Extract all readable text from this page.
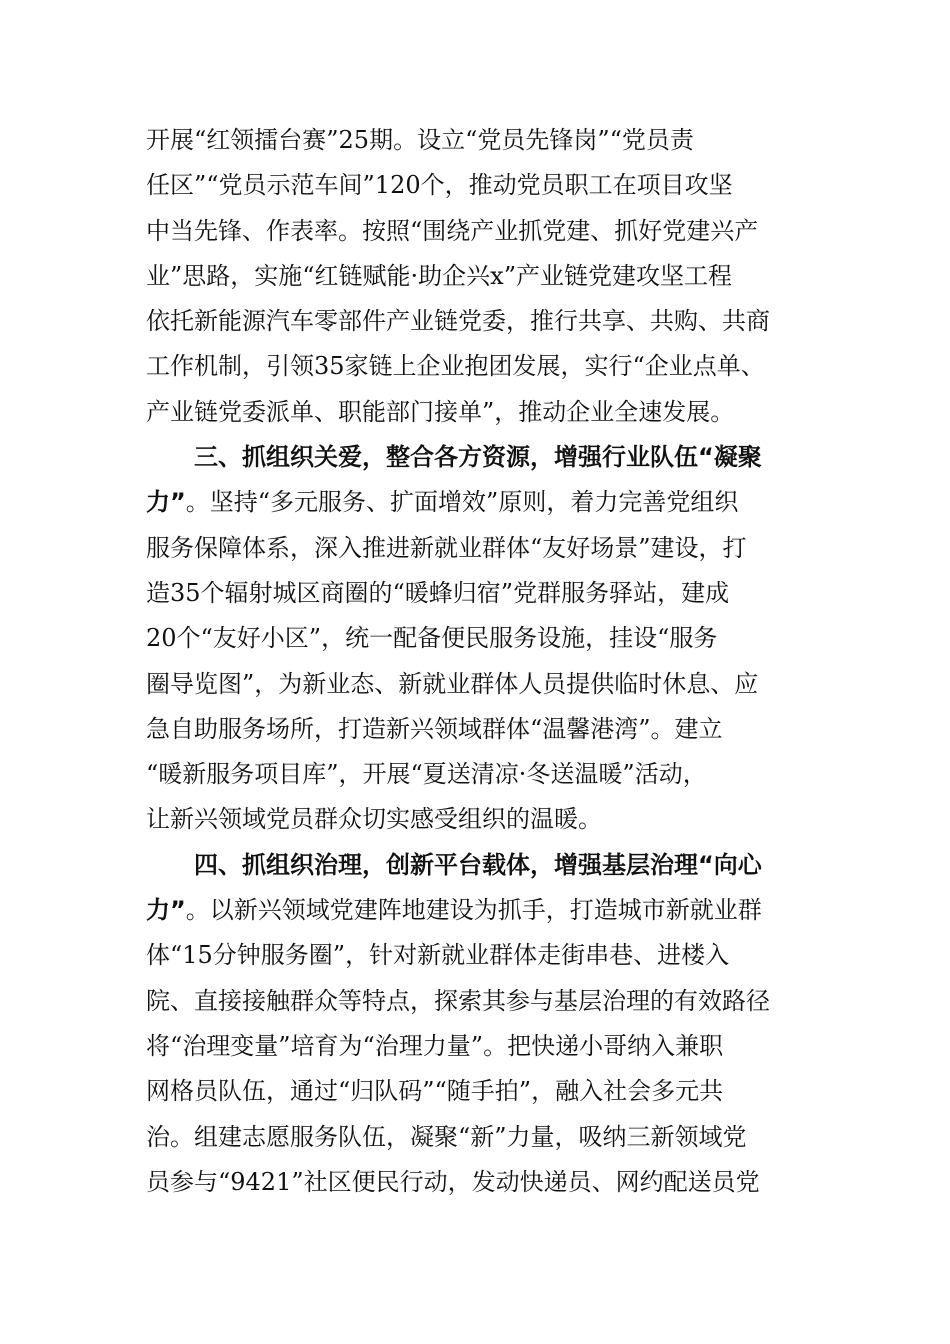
开展“红领擂台赛”25期。设立“党员先锋岗”“党员责
任区”“党员示范车间”120个，推动党员职工在项目攻坚
中当先锋、作表率。按照“围绕产业抓党建、抓好党建兴产
业”思路，实施“红链赋能·助企兴x”产业链党建攻坚工程
依托新能源汽车零部件产业链党委，推行共享、共购、共商
工作机制，引领35家链上企业抱团发展，实行“企业点单、
产业链党委派单、职能部门接单”，推动企业全速发展。
三、抓组织关爱，整合各方资源，增强行业队伍“凝聚
力”。坚持“多元服务、扩面增效”原则，着力完善党组织
服务保障体系，深入推进新就业群体“友好场景”建设，打
造35个辐射城区商圈的“暖蜂归宿”党群服务驿站，建成
20个“友好小区”，统一配备便民服务设施，挂设“服务
圈导览图”，为新业态、新就业群体人员提供临时休息、应
急自助服务场所，打造新兴领域群体“温馨港湾”。建立
“暖新服务项目库”，开展“夏送清凉·冬送温暖”活动，
让新兴领域党员群众切实感受组织的温暖。
四、抓组织治理，创新平台载体，增强基层治理“向心
力”。以新兴领域党建阵地建设为抓手，打造城市新就业群
体“15分钟服务圈”，针对新就业群体走街串巷、进楼入
院、直接接触群众等特点，探索其参与基层治理的有效路径
将“治理变量”培育为“治理力量”。把快递小哥纳入兼职
网格员队伍，通过“归队码”“随手拍”，融入社会多元共
治。组建志愿服务队伍，凝聚“新”力量，吸纳三新领域党
员参与“9421”社区便民行动，发动快递员、网约配送员党
